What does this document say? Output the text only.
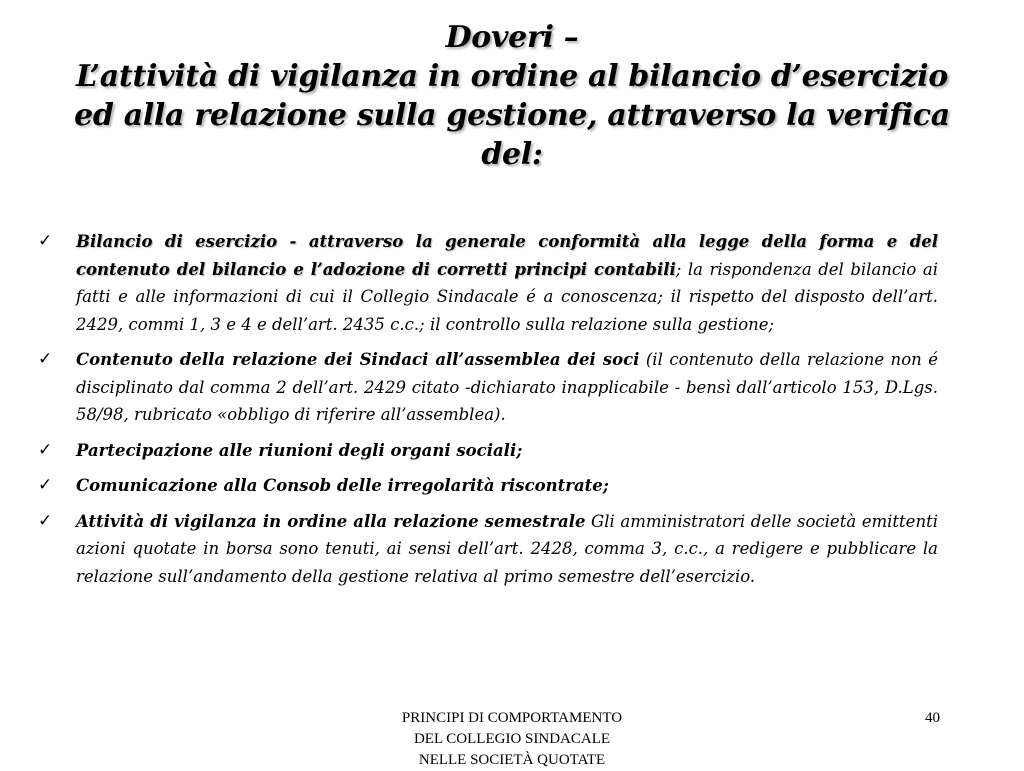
Doveri –
L’attività di vigilanza in ordine al bilancio d’esercizio
ed alla relazione sulla gestione, attraverso la verifica
del:
✓ Bilancio di esercizio - attraverso la generale conformità alla legge della forma e del contenuto del bilancio e l’adozione di corretti principi contabili; la rispondenza del bilancio ai fatti e alle informazioni di cui il Collegio Sindacale é a conoscenza; il rispetto del disposto dell’art. 2429, commi 1, 3 e 4 e dell’art. 2435 c.c.; il controllo sulla relazione sulla gestione;
✓ Contenuto della relazione dei Sindaci all’assemblea dei soci (il contenuto della relazione non é disciplinato dal comma 2 dell’art. 2429 citato -dichiarato inapplicabile - bensì dall’articolo 153, D.Lgs. 58/98, rubricato «obbligo di riferire all’assemblea).
✓ Partecipazione alle riunioni degli organi sociali;
✓ Comunicazione alla Consob delle irregolarità riscontrate;
✓ Attività di vigilanza in ordine alla relazione semestrale Gli amministratori delle società emittenti azioni quotate in borsa sono tenuti, ai sensi dell’art. 2428, comma 3, c.c., a redigere e pubblicare la relazione sull’andamento della gestione relativa al primo semestre dell’esercizio.
PRINCIPI DI COMPORTAMENTO
DEL COLLEGIO SINDACALE
NELLE SOCIETÀ QUOTATE
40
